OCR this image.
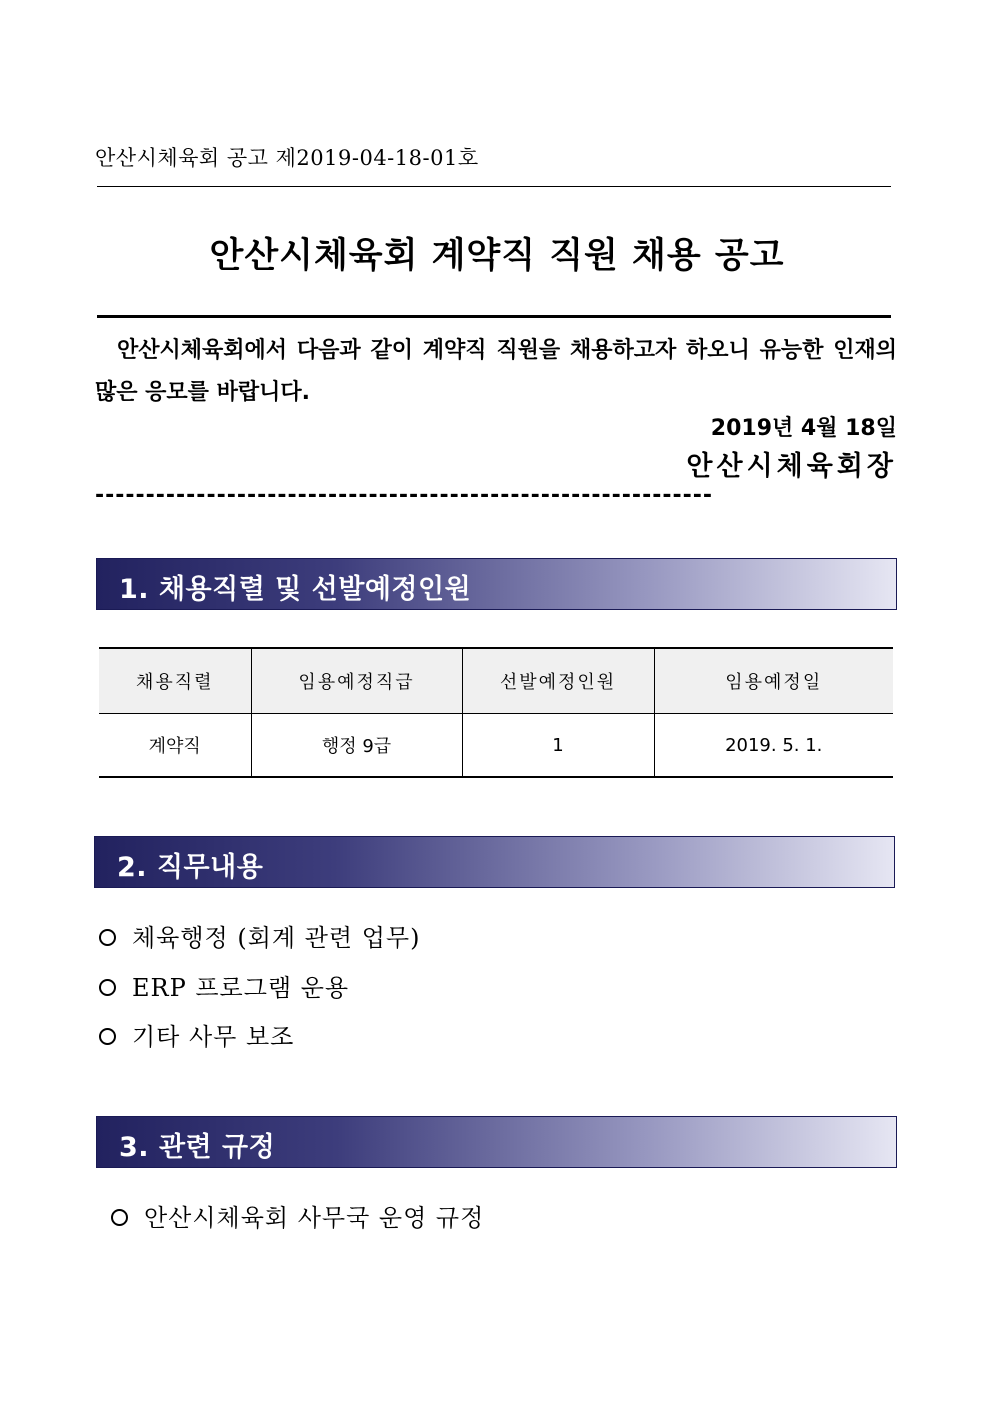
안산시체육회 공고 제2019-04-18-01호
안산시체육회 계약직 직원 채용 공고
안산시체육회에서 다음과 같이 계약직 직원을 채용하고자 하오니 유능한 인재의 많은 응모를 바랍니다.
2019년 4월 18일
안산시체육회장
-------------------------------------------------------------
1. 채용직렬 및 선발예정인원
채용직렬	임용예정직급	선발예정인원	임용예정일
계약직	행정 9급	1	2019. 5. 1.
2. 직무내용
체육행정 (회계 관련 업무)
ERP 프로그램 운용
기타 사무 보조
3. 관련 규정
안산시체육회 사무국 운영 규정
